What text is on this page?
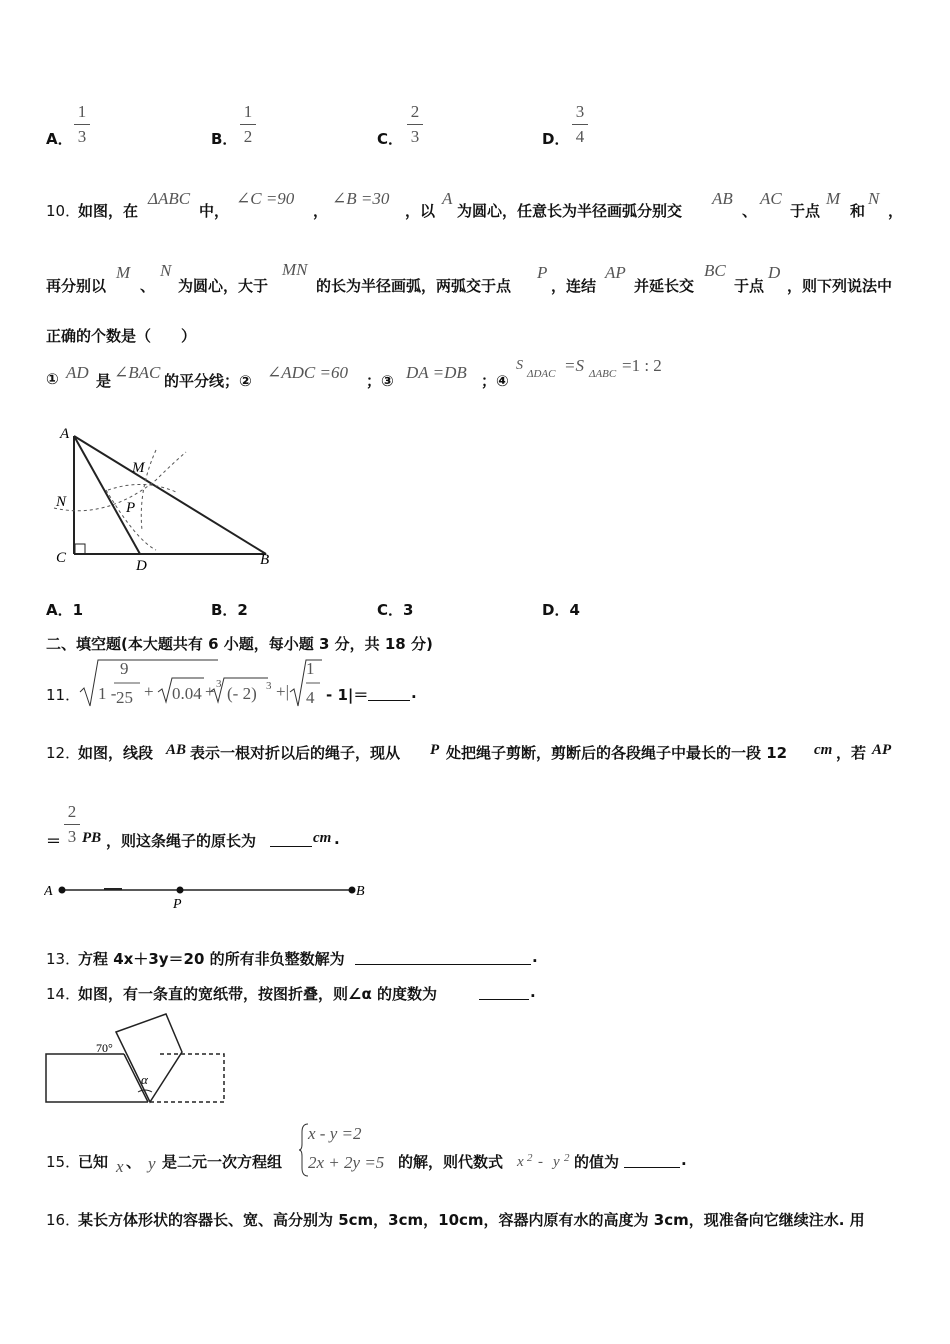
A．
1
3	B．
1
2	C．
2
3	D．
3
4
10．
如图，在
ΔABC
中，
∠C =90
，
∠B =30
，以
A
为圆心，任意长为半径画弧分别交
AB
、
AC
于点
M
和
N
，
再分别以
M
、
N
为圆心，大于
MN
的长为半径画弧，两弧交于点
P
，连结
AP
并延长交
BC
于点
D
，则下列说法中
正确的个数是（　　）
① AD 是 ∠BAC 的平分线；② ∠ADC =60 ；③ DA =DB ；④
S
ΔDAC =S ΔABC =1 : 2
A
M
N	P
C	D	B
A．1	B．2	C．3	D．4
二、填空题(本大题共有 6 小题，每小题 3 分，共 18 分)
11． 1 -
9
25 + 0.04 + 3 (- 2) 3 +|
1
4 - 1|＝	.
12．
如图，线段 AB 表示一根对折以后的绳子，现从 P 处把绳子剪断，剪断后的各段绳子中最长的一段 12 cm ，若 AP
＝
2
3 PB ，则这条绳子的原长为	cm .
A
P
B
13．
方程 4x＋3y＝20 的所有非负整数解为	.
14．
如图，有一条直的宽纸带，按图折叠，则∠α 的度数为	.
70°
α
15．
已知 x 、 y 是二元一次方程组
x - y =2
2x + 2y =5 的解，则代数式 x 2 - y 2 的值为	.
16．
某长方体形状的容器长、宽、高分别为 5cm，3cm，10cm，容器内原有水的高度为 3cm，现准备向它继续注水. 用
